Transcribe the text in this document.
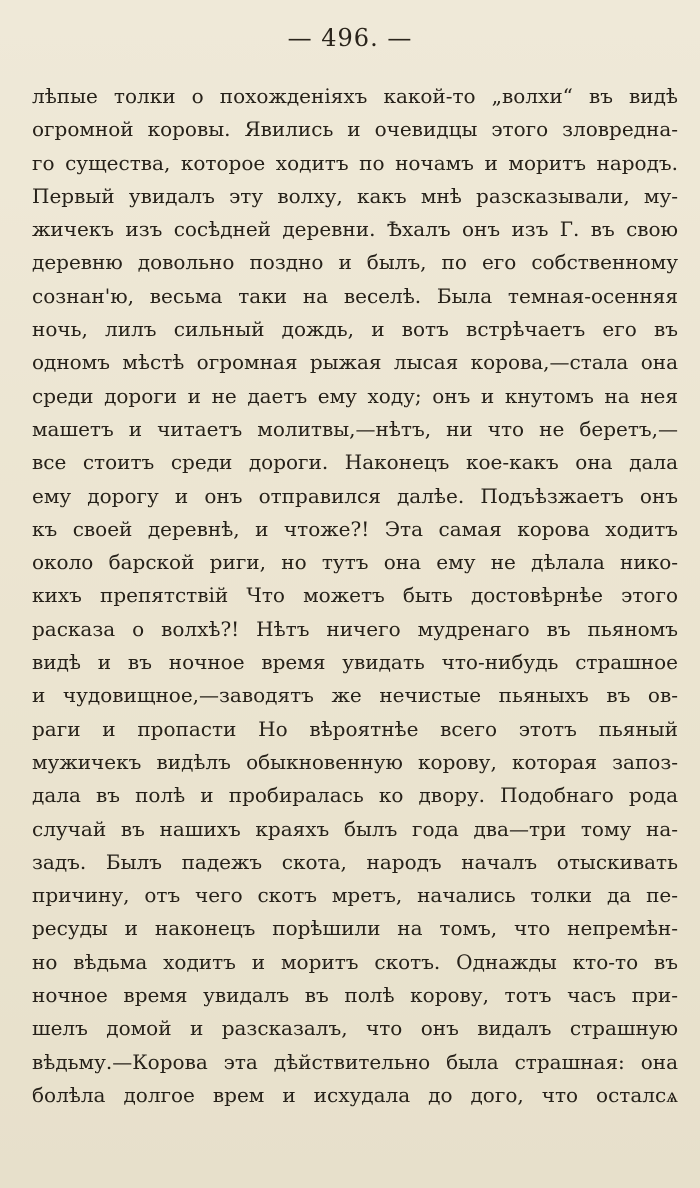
— 496. —
лѣпые толки о похожденіяхъ какой-то „волхи“ въ видѣ
огромной коровы. Явились и очевидцы этого зловредна-
го существа, которое ходитъ по ночамъ и моритъ народъ.
Первый увидалъ эту волху, какъ мнѣ разсказывали, му-
жичекъ изъ сосѣдней деревни. Ѣхалъ онъ изъ Г. въ свою
деревню довольно поздно и былъ, по его собственному
сознан'ю, весьма таки на веселѣ. Была темная-осенняя
ночь, лилъ сильный дождь, и вотъ встрѣчаетъ его въ
одномъ мѣстѣ огромная рыжая лысая корова,—стала она
среди дороги и не даетъ ему ходу; онъ и кнутомъ на нея
машетъ и читаетъ молитвы,—нѣтъ, ни что не беретъ,—
все стоитъ среди дороги. Наконецъ кое-какъ она дала
ему дорогу и онъ отправился далѣе. Подъѣзжаетъ онъ
къ своей деревнѣ, и чтоже?! Эта самая корова ходитъ
около барской риги, но тутъ она ему не дѣлала нико-
кихъ препятствій Что можетъ быть достовѣрнѣе этого
расказа о волхѣ?! Нѣтъ ничего мудренаго въ пьяномъ
видѣ и въ ночное время увидать что-нибудь страшное
и чудовищное,—заводятъ же нечистые пьяныхъ въ ов-
раги и пропасти Но вѣроятнѣе всего этотъ пьяный
мужичекъ видѣлъ обыкновенную корову, которая запоз-
дала въ полѣ и пробиралась ко двору. Подобнаго рода
случай въ нашихъ краяхъ былъ года два—три тому на-
задъ. Былъ падежъ скота, народъ началъ отыскивать
причину, отъ чего скотъ мретъ, начались толки да пе-
ресуды и наконецъ порѣшили на томъ, что непремѣн-
но вѣдьма ходитъ и моритъ скотъ. Однажды кто-то въ
ночное время увидалъ въ полѣ корову, тотъ часъ при-
шелъ домой и разсказалъ, что онъ видалъ страшную
вѣдьму.—Корова эта дѣйствительно была страшная: она
болѣла долгое врем и исхудала до дого, что осталсѧ
